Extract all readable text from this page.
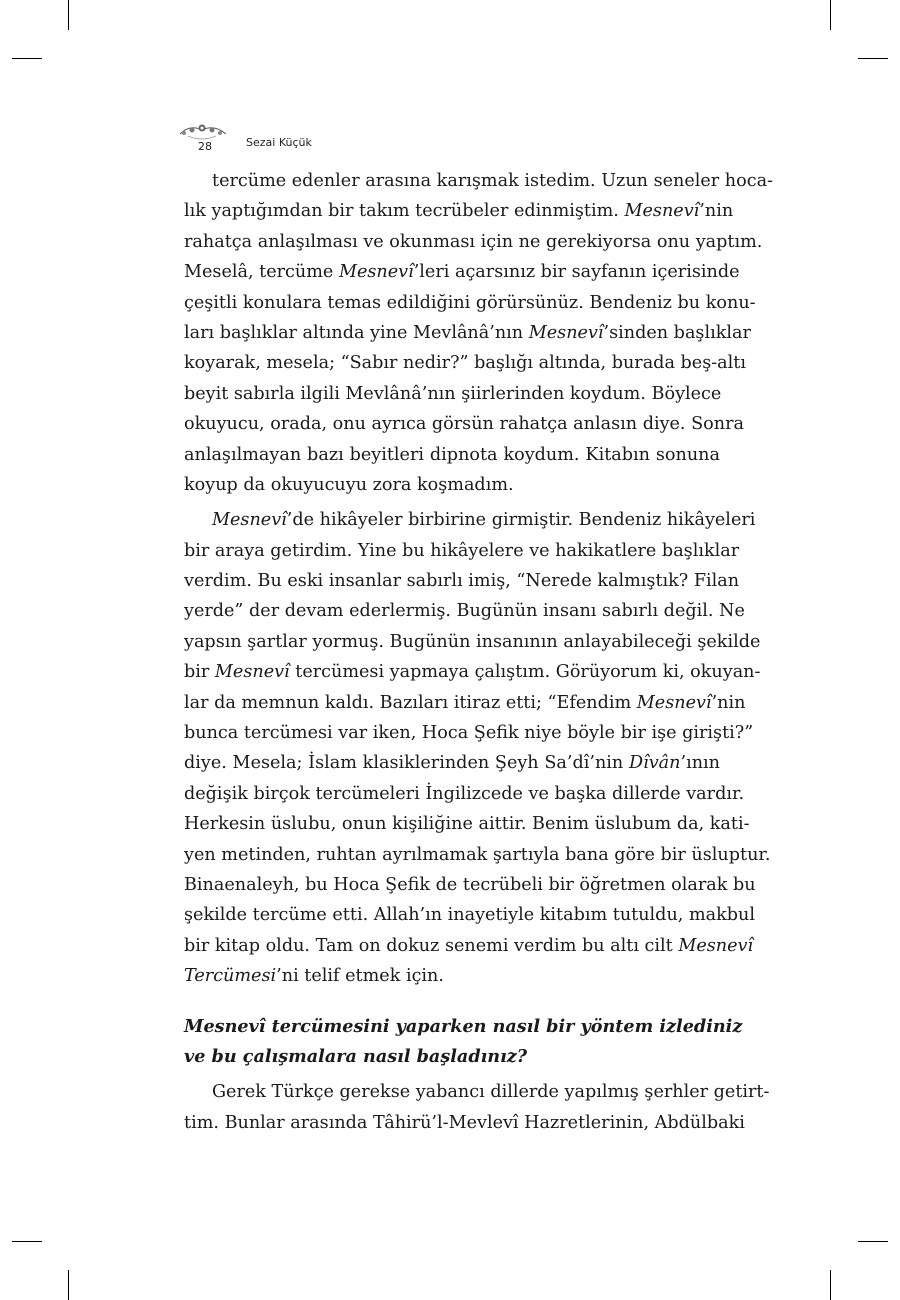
28	Sezai Küçük
tercüme edenler arasına karışmak istedim. Uzun seneler hoca-
lık yaptığımdan bir takım tecrübeler edinmiştim. Mesnevî’nin
rahatça anlaşılması ve okunması için ne gerekiyorsa onu yaptım.
Meselâ, tercüme Mesnevî’leri açarsınız bir sayfanın içerisinde
çeşitli konulara temas edildiğini görürsünüz. Bendeniz bu konu-
ları başlıklar altında yine Mevlânâ’nın Mesnevî’sinden başlıklar
koyarak, mesela; “Sabır nedir?” başlığı altında, burada beş-altı
beyit sabırla ilgili Mevlânâ’nın şiirlerinden koydum. Böylece
okuyucu, orada, onu ayrıca görsün rahatça anlasın diye. Sonra
anlaşılmayan bazı beyitleri dipnota koydum. Kitabın sonuna
koyup da okuyucuyu zora koşmadım.
Mesnevî’de hikâyeler birbirine girmiştir. Bendeniz hikâyeleri
bir araya getirdim. Yine bu hikâyelere ve hakikatlere başlıklar
verdim. Bu eski insanlar sabırlı imiş, “Nerede kalmıştık? Filan
yerde” der devam ederlermiş. Bugünün insanı sabırlı değil. Ne
yapsın şartlar yormuş. Bugünün insanının anlayabileceği şekilde
bir Mesnevî tercümesi yapmaya çalıştım. Görüyorum ki, okuyan-
lar da memnun kaldı. Bazıları itiraz etti; “Efendim Mesnevî’nin
bunca tercümesi var iken, Hoca Şefik niye böyle bir işe girişti?”
diye. Mesela; İslam klasiklerinden Şeyh Sa’dî’nin Dîvân’ının
değişik birçok tercümeleri İngilizcede ve başka dillerde vardır.
Herkesin üslubu, onun kişiliğine aittir. Benim üslubum da, kati-
yen metinden, ruhtan ayrılmamak şartıyla bana göre bir üsluptur.
Binaenaleyh, bu Hoca Şefik de tecrübeli bir öğretmen olarak bu
şekilde tercüme etti. Allah’ın inayetiyle kitabım tutuldu, makbul
bir kitap oldu. Tam on dokuz senemi verdim bu altı cilt Mesnevî
Tercümesi’ni telif etmek için.
Mesnevî tercümesini yaparken nasıl bir yöntem izlediniz
ve bu çalışmalara nasıl başladınız?
Gerek Türkçe gerekse yabancı dillerde yapılmış şerhler getirt-
tim. Bunlar arasında Tâhirü’l-Mevlevî Hazretlerinin, Abdülbaki
